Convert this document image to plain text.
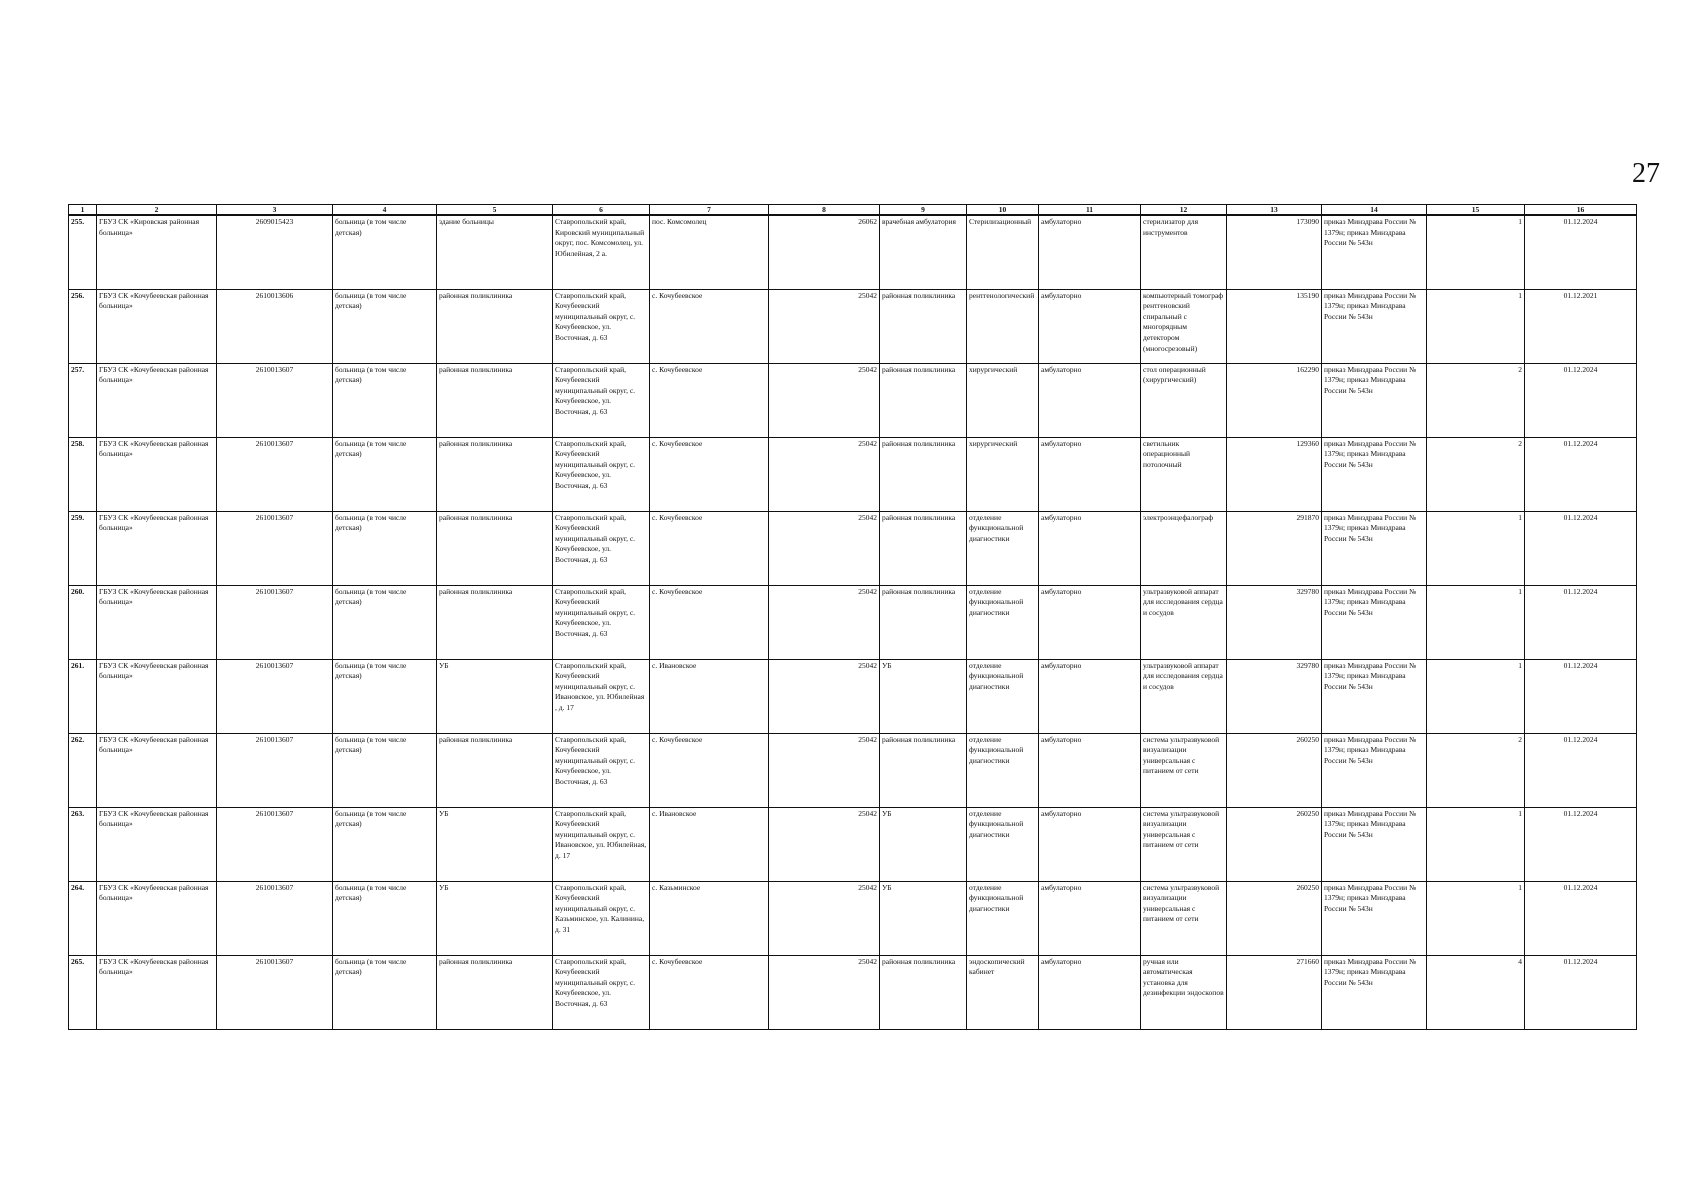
27
1	2	3	4	5	6	7	8	9	10	11	12	13	14	15	16
255.	ГБУЗ СК «Кировская районная больница»	2609015423	больница (в том числе детская)	здание больницы	Ставропольский край, Кировский муниципальный округ, пос. Комсомолец, ул. Юбилейная, 2 а.	пос. Комсомолец	26062	врачебная амбулатория	Стерилизационный	амбулаторно	стерилизатор для инструментов	173090	приказ Минздрава России № 1379н; приказ Минздрава России № 543н	1	01.12.2024
256.	ГБУЗ СК «Кочубеевская районная больница»	2610013606	больница (в том числе детская)	районная поликлиника	Ставропольский край, Кочубеевский муниципальный округ, с. Кочубеевское, ул. Восточная, д. 63	с. Кочубеевское	25042	районная поликлиника	рентгенологический	амбулаторно	компьютерный томограф рентгеновский спиральный с многорядным детектором (многосрезовый)	135190	приказ Минздрава России № 1379н; приказ Минздрава России № 543н	1	01.12.2021
257.	ГБУЗ СК «Кочубеевская районная больница»	2610013607	больница (в том числе детская)	районная поликлиника	Ставропольский край, Кочубеевский муниципальный округ, с. Кочубеевское, ул. Восточная, д. 63	с. Кочубеевское	25042	районная поликлиника	хирургический	амбулаторно	стол операционный (хирургический)	162290	приказ Минздрава России № 1379н; приказ Минздрава России № 543н	2	01.12.2024
258.	ГБУЗ СК «Кочубеевская районная больница»	2610013607	больница (в том числе детская)	районная поликлиника	Ставропольский край, Кочубеевский муниципальный округ, с. Кочубеевское, ул. Восточная, д. 63	с. Кочубеевское	25042	районная поликлиника	хирургический	амбулаторно	светильник операционный потолочный	129360	приказ Минздрава России № 1379н; приказ Минздрава России № 543н	2	01.12.2024
259.	ГБУЗ СК «Кочубеевская районная больница»	2610013607	больница (в том числе детская)	районная поликлиника	Ставропольский край, Кочубеевский муниципальный округ, с. Кочубеевское, ул. Восточная, д. 63	с. Кочубеевское	25042	районная поликлиника	отделение функциональной диагностики	амбулаторно	электроэнцефалограф	291870	приказ Минздрава России № 1379н; приказ Минздрава России № 543н	1	01.12.2024
260.	ГБУЗ СК «Кочубеевская районная больница»	2610013607	больница (в том числе детская)	районная поликлиника	Ставропольский край, Кочубеевский муниципальный округ, с. Кочубеевское, ул. Восточная, д. 63	с. Кочубеевское	25042	районная поликлиника	отделение функциональной диагностики	амбулаторно	ультразвуковой аппарат для исследования сердца и сосудов	329780	приказ Минздрава России № 1379н; приказ Минздрава России № 543н	1	01.12.2024
261.	ГБУЗ СК «Кочубеевская районная больница»	2610013607	больница (в том числе детская)	УБ	Ставропольский край, Кочубеевский муниципальный округ, с. Ивановское, ул. Юбилейная , д. 17	с. Ивановское	25042	УБ	отделение функциональной диагностики	амбулаторно	ультразвуковой аппарат для исследования сердца и сосудов	329780	приказ Минздрава России № 1379н; приказ Минздрава России № 543н	1	01.12.2024
262.	ГБУЗ СК «Кочубеевская районная больница»	2610013607	больница (в том числе детская)	районная поликлиника	Ставропольский край, Кочубеевский муниципальный округ, с. Кочубеевское, ул. Восточная, д. 63	с. Кочубеевское	25042	районная поликлиника	отделение функциональной диагностики	амбулаторно	система ультразвуковой визуализации универсальная с питанием от сети	260250	приказ Минздрава России № 1379н; приказ Минздрава России № 543н	2	01.12.2024
263.	ГБУЗ СК «Кочубеевская районная больница»	2610013607	больница (в том числе детская)	УБ	Ставропольский край, Кочубеевский муниципальный округ, с. Ивановское, ул. Юбилейная, д. 17	с. Ивановское	25042	УБ	отделение функциональной диагностики	амбулаторно	система ультразвуковой визуализации универсальная с питанием от сети	260250	приказ Минздрава России № 1379н; приказ Минздрава России № 543н	1	01.12.2024
264.	ГБУЗ СК «Кочубеевская районная больница»	2610013607	больница (в том числе детская)	УБ	Ставропольский край, Кочубеевский муниципальный округ, с. Казьминское, ул. Калинина, д. 31	с. Казьминское	25042	УБ	отделение функциональной диагностики	амбулаторно	система ультразвуковой визуализации универсальная с питанием от сети	260250	приказ Минздрава России № 1379н; приказ Минздрава России № 543н	1	01.12.2024
265.	ГБУЗ СК «Кочубеевская районная больница»	2610013607	больница (в том числе детская)	районная поликлиника	Ставропольский край, Кочубеевский муниципальный округ, с. Кочубеевское, ул. Восточная, д. 63	с. Кочубеевское	25042	районная поликлиника	эндоскопический кабинет	амбулаторно	ручная или автоматическая установка для дезинфекции эндоскопов	271660	приказ Минздрава России № 1379н; приказ Минздрава России № 543н	4	01.12.2024
